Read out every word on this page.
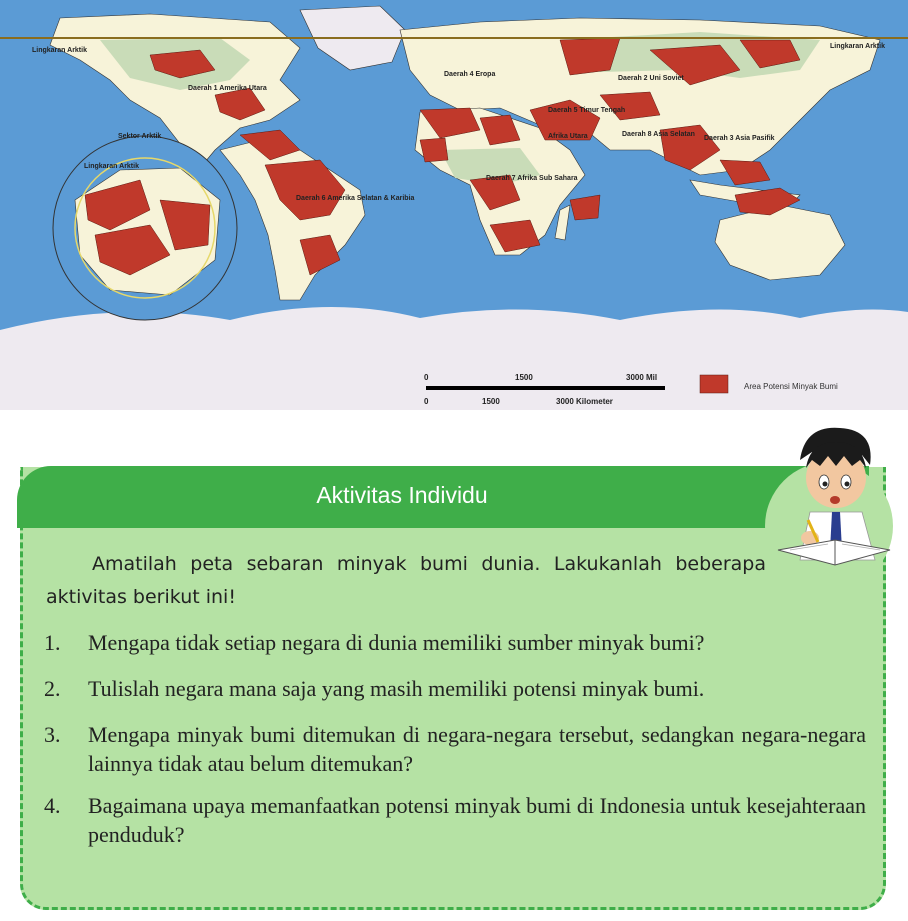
Lingkaran Arktik
Lingkaran Arktik
Daerah 1 Amerika Utara
Sektor Arktik
Lingkaran Arktik
Daerah 4 Eropa
Daerah 2 Uni Soviet
Daerah 5 Timur Tengah
Afrika Utara
Daerah 7 Afrika Sub Sahara
Daerah 8 Asia Selatan
Daerah 3 Asia Pasifik
Daerah 6 Amerika Selatan & Karibia
0	1500	3000 Mil
0	1500	3000 Kilometer
Area Potensi Minyak Bumi
Aktivitas Individu
Amatilah peta sebaran minyak bumi dunia. Lakukanlah beberapa aktivitas berikut ini!
1. Mengapa tidak setiap negara di dunia memiliki sumber minyak bumi?
2. Tulislah negara mana saja yang masih memiliki potensi minyak bumi.
3. Mengapa minyak bumi ditemukan di negara-negara tersebut, sedangkan negara-negara lainnya tidak atau belum ditemukan?
4. Bagaimana upaya memanfaatkan potensi minyak bumi di Indonesia untuk kesejahteraan penduduk?
